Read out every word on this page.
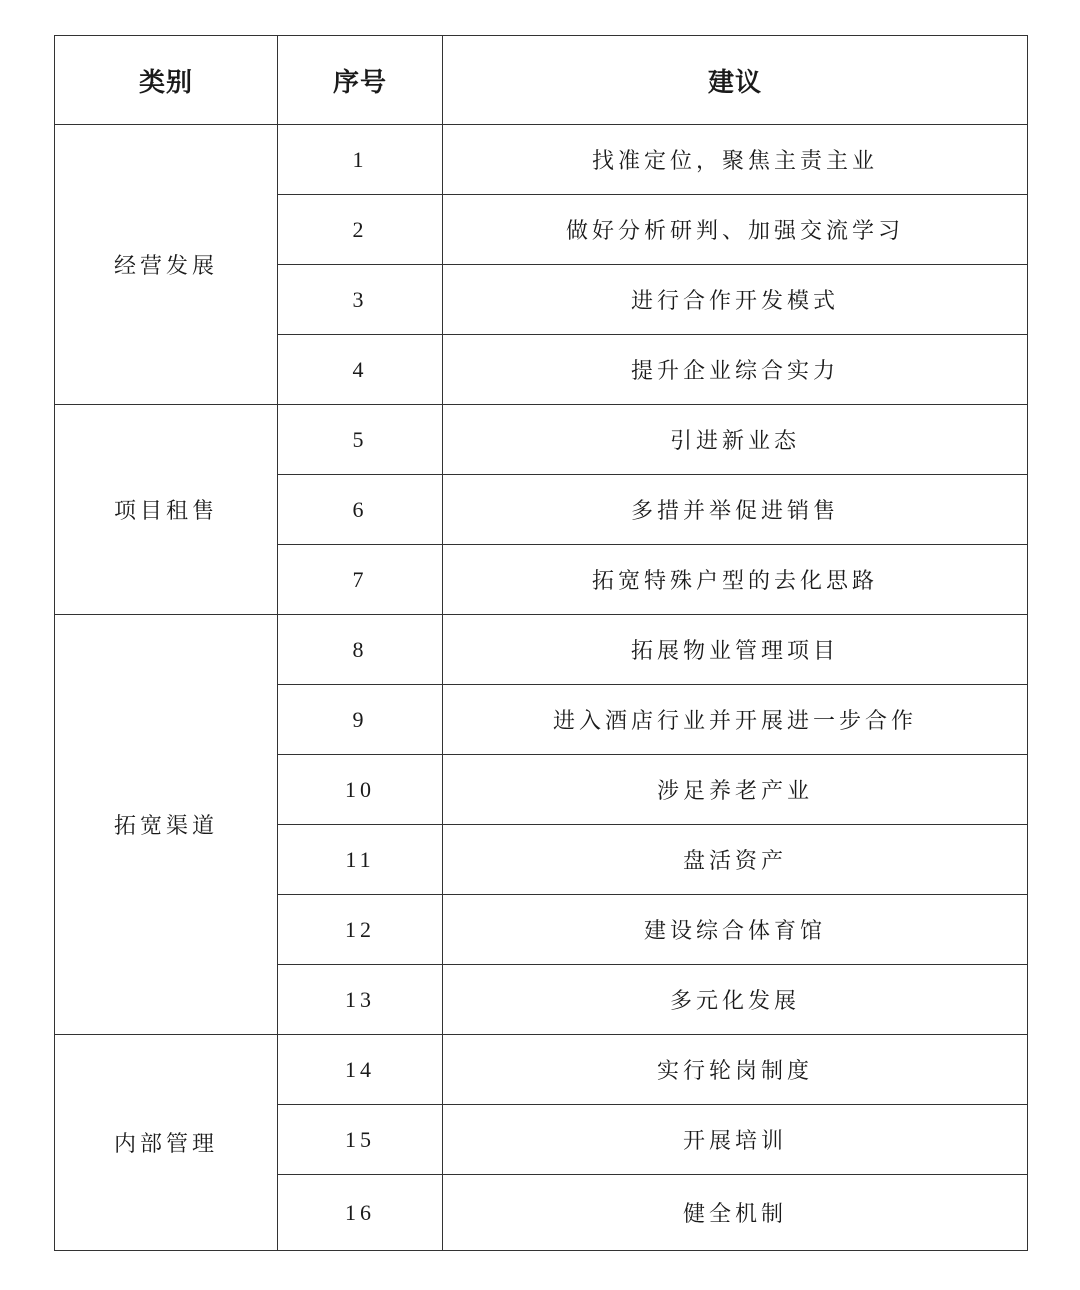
类别	序号	建议
经营发展	1	找准定位，聚焦主责主业
	2	做好分析研判、加强交流学习
	3	进行合作开发模式
	4	提升企业综合实力
项目租售	5	引进新业态
	6	多措并举促进销售
	7	拓宽特殊户型的去化思路
拓宽渠道	8	拓展物业管理项目
	9	进入酒店行业并开展进一步合作
	10	涉足养老产业
	11	盘活资产
	12	建设综合体育馆
	13	多元化发展
内部管理	14	实行轮岗制度
	15	开展培训
	16	健全机制
